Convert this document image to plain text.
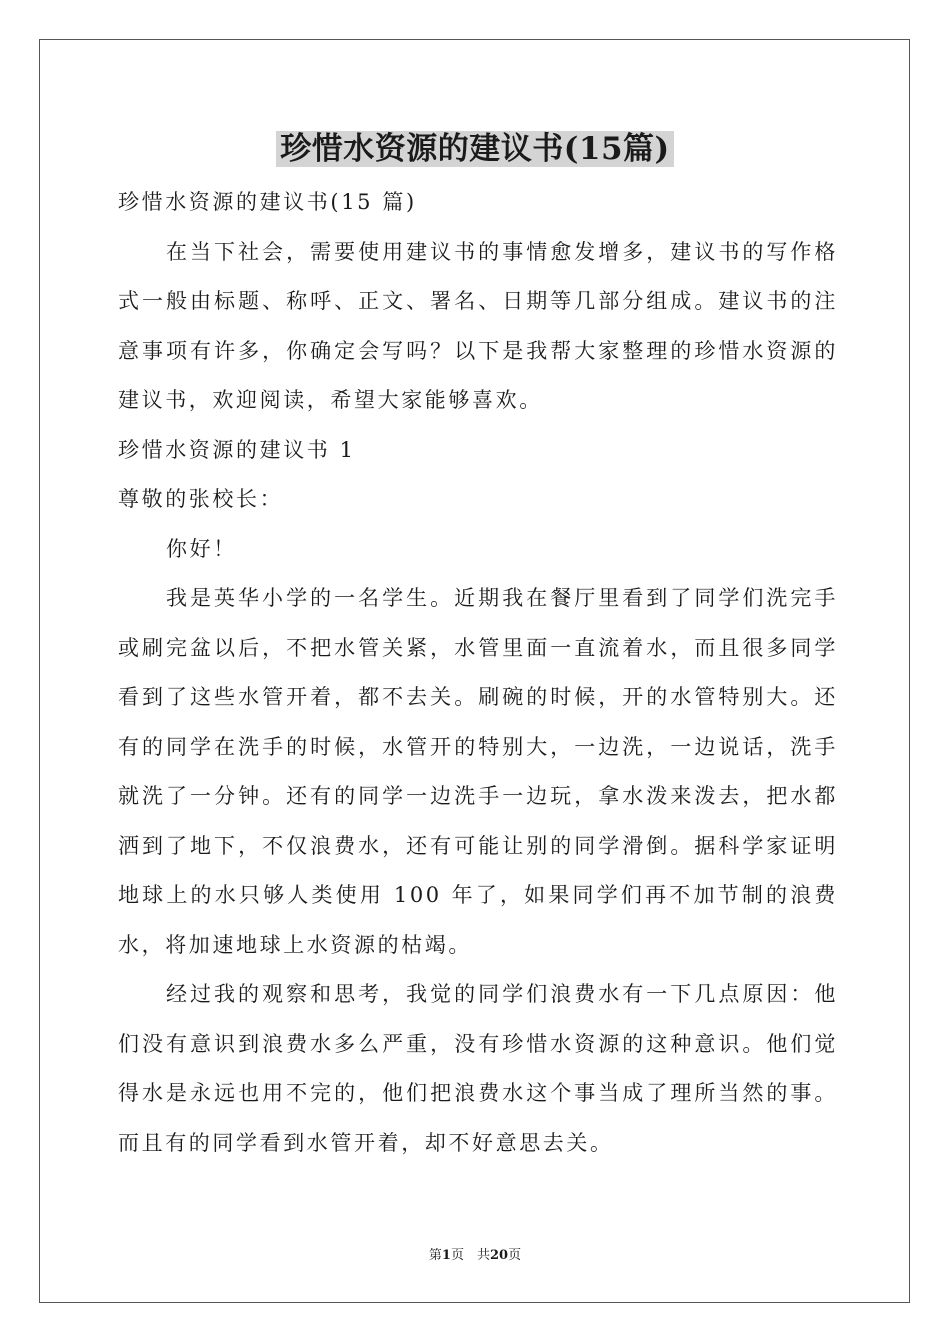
珍惜水资源的建议书(15篇)

珍惜水资源的建议书(15 篇)

在当下社会，需要使用建议书的事情愈发增多，建议书的写作格式一般由标题、称呼、正文、署名、日期等几部分组成。建议书的注意事项有许多，你确定会写吗？以下是我帮大家整理的珍惜水资源的建议书，欢迎阅读，希望大家能够喜欢。

珍惜水资源的建议书 1

尊敬的张校长：

你好！

我是英华小学的一名学生。近期我在餐厅里看到了同学们洗完手或刷完盆以后，不把水管关紧，水管里面一直流着水，而且很多同学看到了这些水管开着，都不去关。刷碗的时候，开的水管特别大。还有的同学在洗手的时候，水管开的特别大，一边洗，一边说话，洗手就洗了一分钟。还有的同学一边洗手一边玩，拿水泼来泼去，把水都洒到了地下，不仅浪费水，还有可能让别的同学滑倒。据科学家证明地球上的水只够人类使用 100 年了，如果同学们再不加节制的浪费水，将加速地球上水资源的枯竭。

经过我的观察和思考，我觉的同学们浪费水有一下几点原因：他们没有意识到浪费水多么严重，没有珍惜水资源的这种意识。他们觉得水是永远也用不完的，他们把浪费水这个事当成了理所当然的事。而且有的同学看到水管开着，却不好意思去关。

第1页　共20页
